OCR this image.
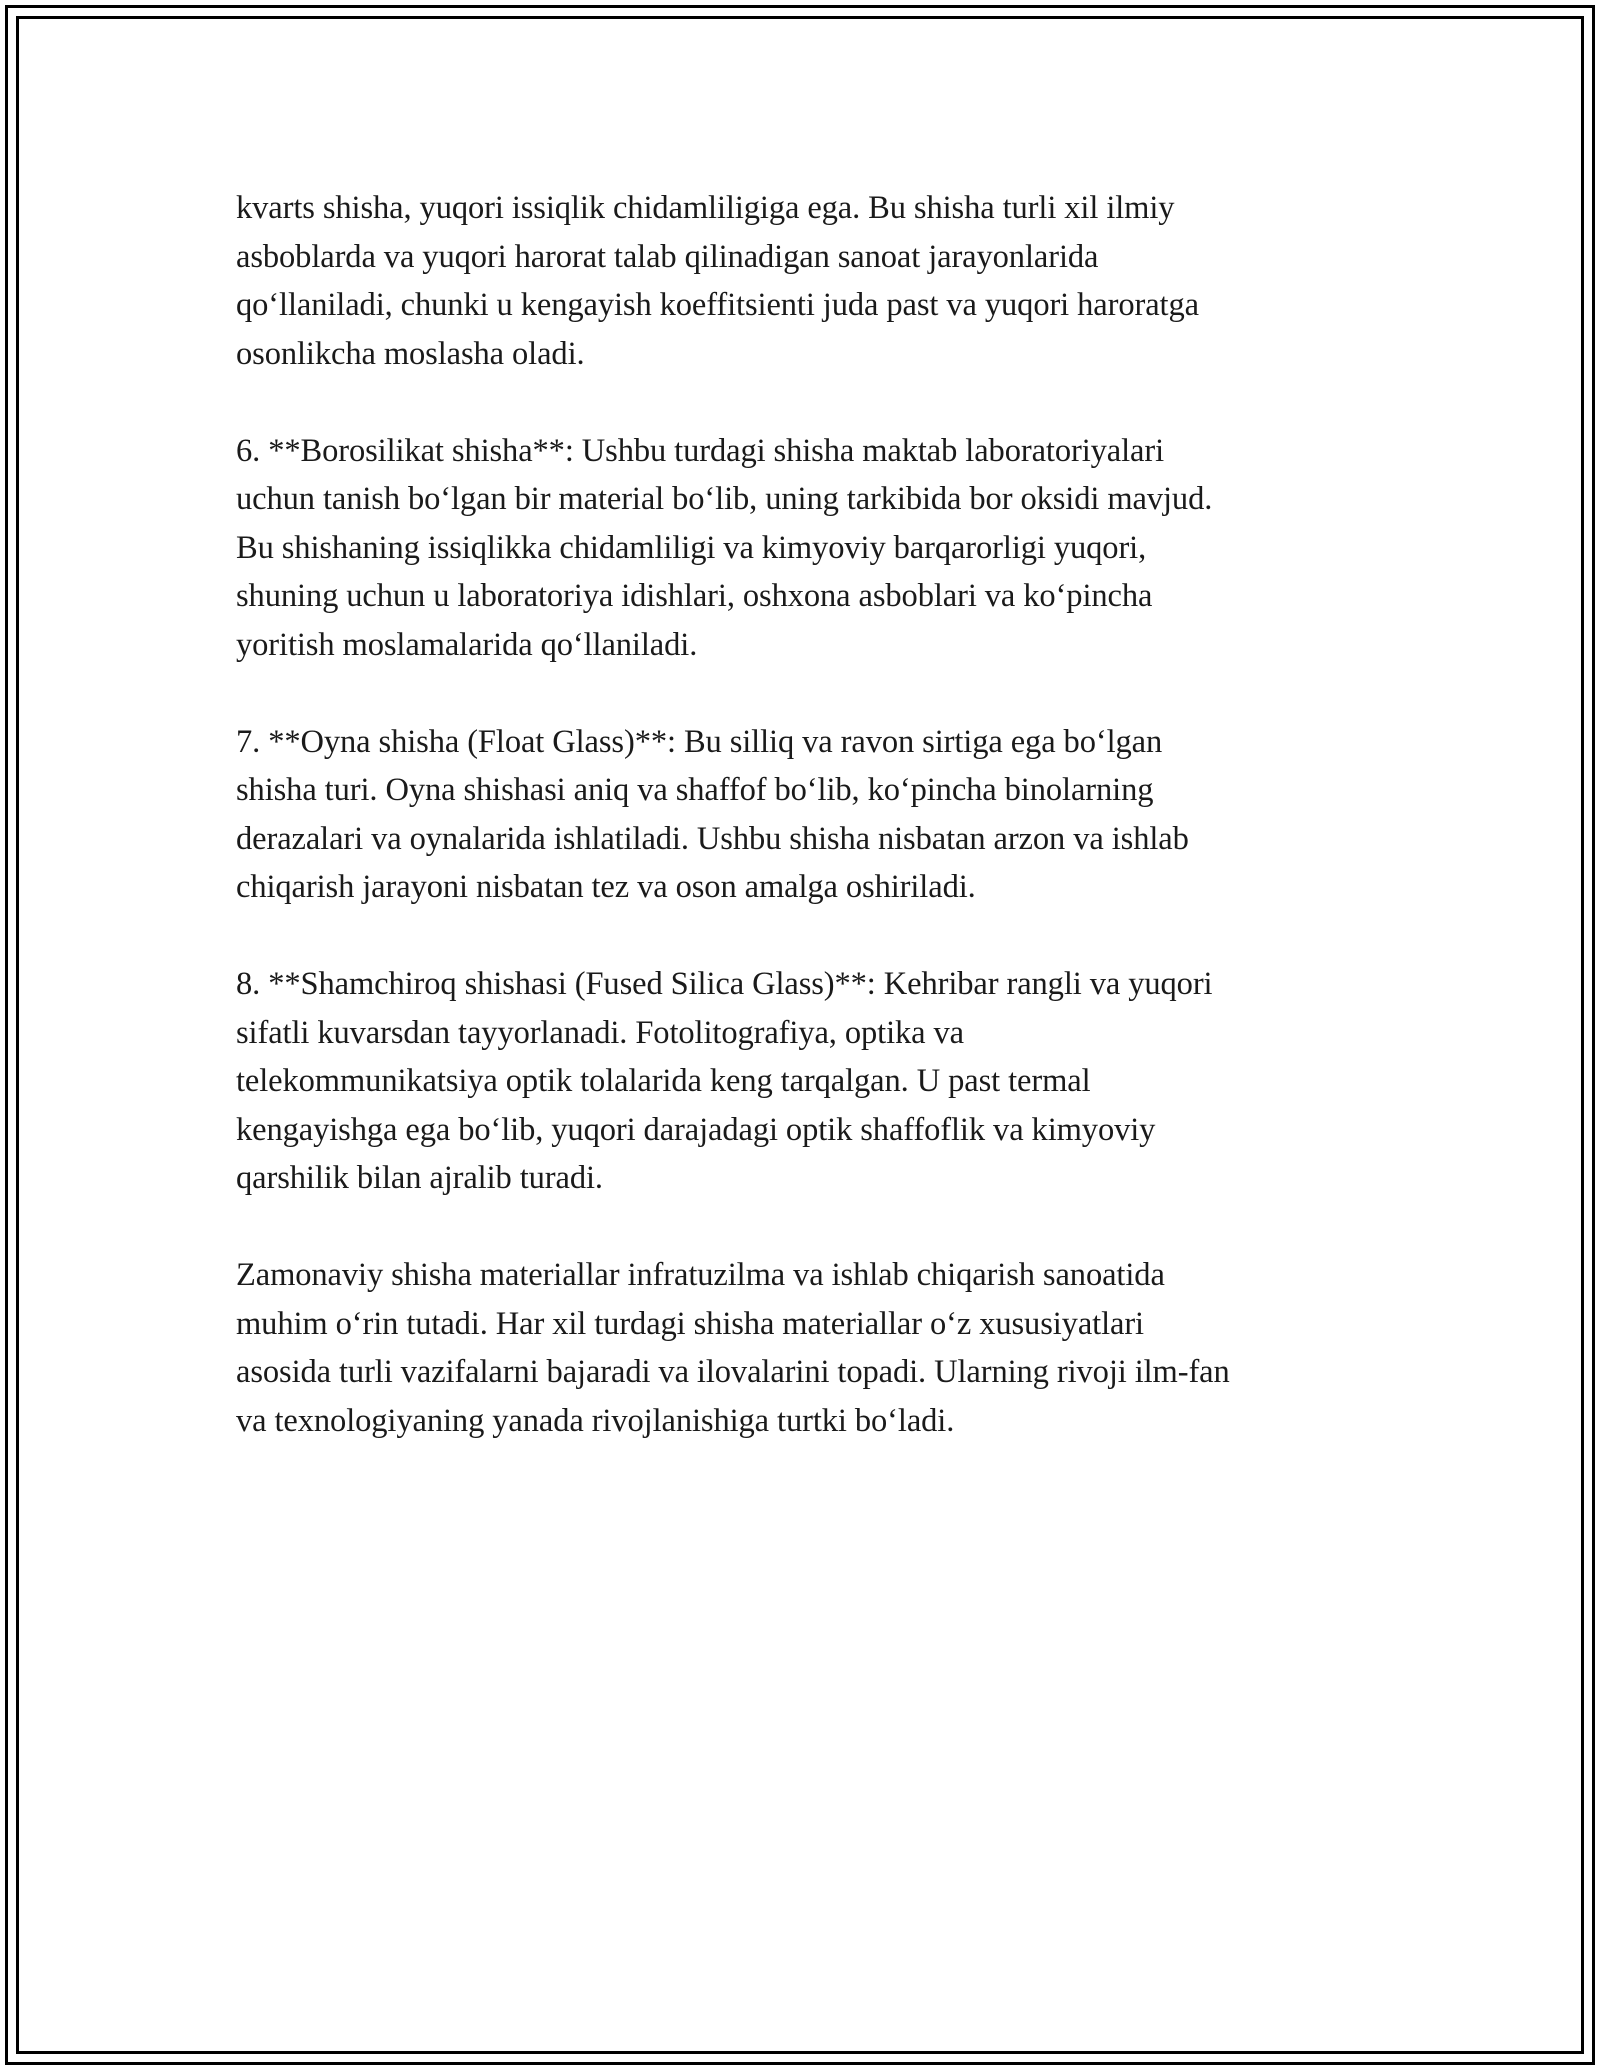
kvarts shisha, yuqori issiqlik chidamliligiga ega. Bu shisha turli xil ilmiy
asboblarda va yuqori harorat talab qilinadigan sanoat jarayonlarida
qo‘llaniladi, chunki u kengayish koeffitsienti juda past va yuqori haroratga
osonlikcha moslasha oladi.

6. **Borosilikat shisha**: Ushbu turdagi shisha maktab laboratoriyalari
uchun tanish bo‘lgan bir material bo‘lib, uning tarkibida bor oksidi mavjud.
Bu shishaning issiqlikka chidamliligi va kimyoviy barqarorligi yuqori,
shuning uchun u laboratoriya idishlari, oshxona asboblari va ko‘pincha
yoritish moslamalarida qo‘llaniladi.

7. **Oyna shisha (Float Glass)**: Bu silliq va ravon sirtiga ega bo‘lgan
shisha turi. Oyna shishasi aniq va shaffof bo‘lib, ko‘pincha binolarning
derazalari va oynalarida ishlatiladi. Ushbu shisha nisbatan arzon va ishlab
chiqarish jarayoni nisbatan tez va oson amalga oshiriladi.

8. **Shamchiroq shishasi (Fused Silica Glass)**: Kehribar rangli va yuqori
sifatli kuvarsdan tayyorlanadi. Fotolitografiya, optika va
telekommunikatsiya optik tolalarida keng tarqalgan. U past termal
kengayishga ega bo‘lib, yuqori darajadagi optik shaffoflik va kimyoviy
qarshilik bilan ajralib turadi.

Zamonaviy shisha materiallar infratuzilma va ishlab chiqarish sanoatida
muhim o‘rin tutadi. Har xil turdagi shisha materiallar o‘z xususiyatlari
asosida turli vazifalarni bajaradi va ilovalarini topadi. Ularning rivoji ilm-fan
va texnologiyaning yanada rivojlanishiga turtki bo‘ladi.
